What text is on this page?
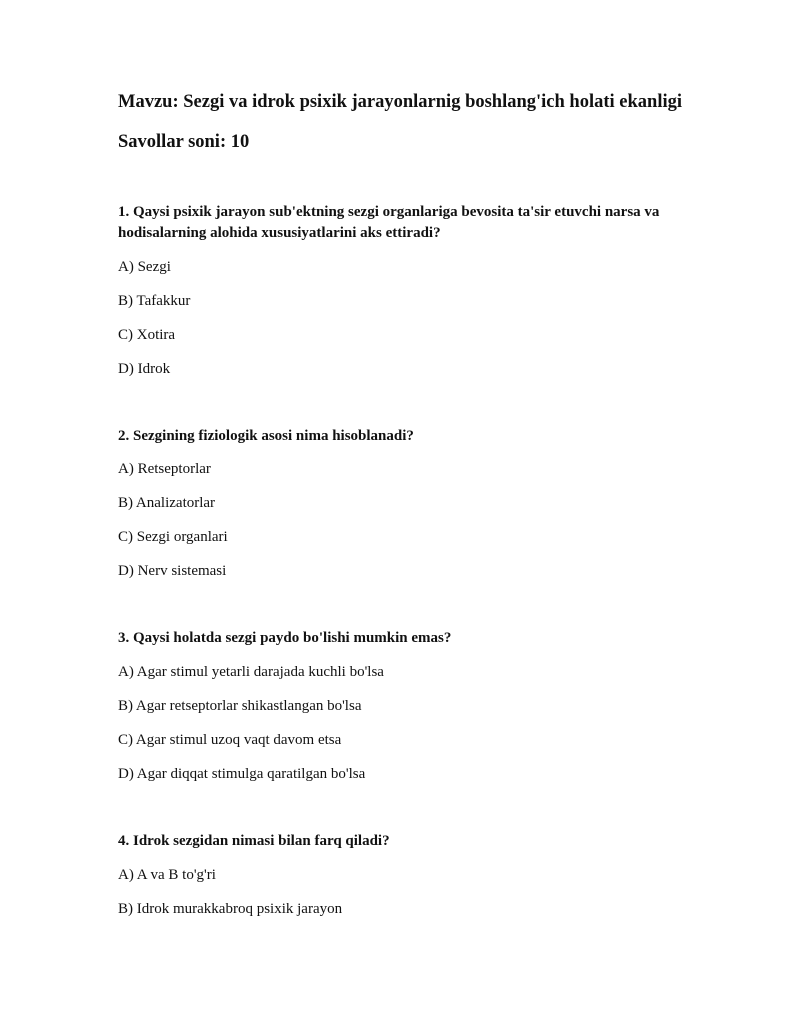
Mavzu: Sezgi va idrok psixik jarayonlarnig boshlang'ich holati ekanligi
Savollar soni: 10

1. Qaysi psixik jarayon sub'ektning sezgi organlariga bevosita ta'sir etuvchi narsa va hodisalarning alohida xususiyatlarini aks ettiradi?

A) Sezgi
B) Tafakkur
C) Xotira
D) Idrok

2. Sezgining fiziologik asosi nima hisoblanadi?

A) Retseptorlar
B) Analizatorlar
C) Sezgi organlari
D) Nerv sistemasi

3. Qaysi holatda sezgi paydo bo'lishi mumkin emas?

A) Agar stimul yetarli darajada kuchli bo'lsa
B) Agar retseptorlar shikastlangan bo'lsa
C) Agar stimul uzoq vaqt davom etsa
D) Agar diqqat stimulga qaratilgan bo'lsa

4. Idrok sezgidan nimasi bilan farq qiladi?

A) A va B to'g'ri
B) Idrok murakkabroq psixik jarayon
